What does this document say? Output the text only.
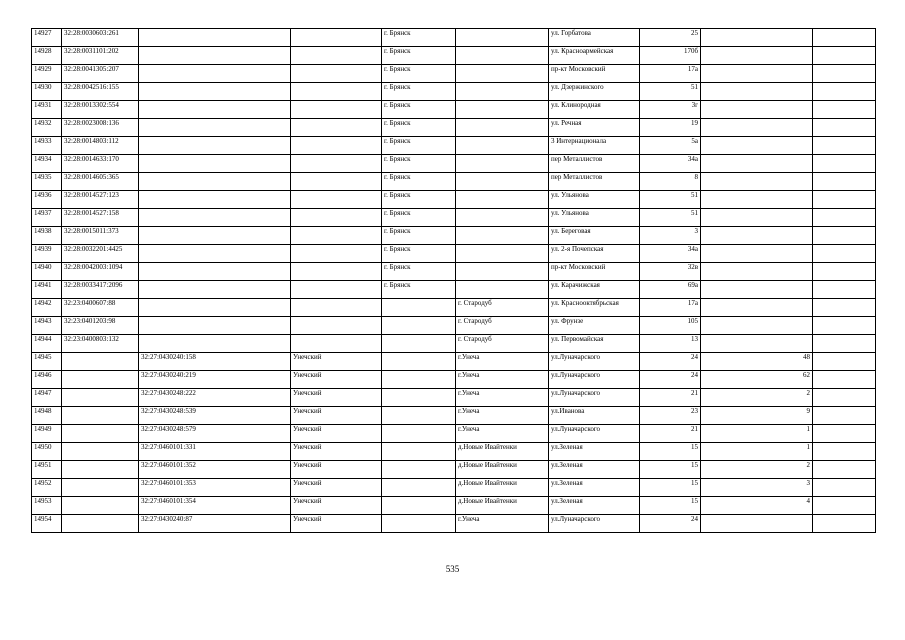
14927	32:28:0030603:261			г. Брянск		ул. Горбатова	25		
14928	32:28:0031101:202			г. Брянск		ул. Красноармейская	170б		
14929	32:28:0041305:207			г. Брянск		пр-кт Московский	17а		
14930	32:28:0042516:155			г. Брянск		ул. Дзержинского	51		
14931	32:28:0013302:554			г. Брянск		ул. Клинородная	3г		
14932	32:28:0023008:136			г. Брянск		ул. Речная	19		
14933	32:28:0014803:112			г. Брянск		3 Интернационала	5а		
14934	32:28:0014633:170			г. Брянск		пер Металлистов	34а		
14935	32:28:0014605:365			г. Брянск		пер Металлистов	8		
14936	32:28:0014527:123			г. Брянск		ул. Ульянова	51		
14937	32:28:0014527:158			г. Брянск		ул. Ульянова	51		
14938	32:28:0015011:373			г. Брянск		ул. Береговая	3		
14939	32:28:0032201:4425			г. Брянск		ул. 2-я Почепская	34а		
14940	32:28:0042003:1094			г. Брянск		пр-кт Московский	32в		
14941	32:28:0033417:2096			г. Брянск		ул. Карачижская	69а		
14942	32:23:0400607:88				г. Стародуб	ул. Краснооктябрьская	17а		
14943	32:23:0401203:98				г. Стародуб	ул. Фрунзе	105		
14944	32:23:0400803:132				г. Стародуб	ул. Первомайская	13		
14945		32:27:0430240:158	Унечский		г.Унеча	ул.Луначарского	24	48	
14946		32:27:0430240:219	Унечский		г.Унеча	ул.Луначарского	24	62	
14947		32:27:0430248:222	Унечский		г.Унеча	ул.Луначарского	21	2	
14948		32:27:0430248:539	Унечский		г.Унеча	ул.Иванова	23	9	
14949		32:27:0430248:579	Унечский		г.Унеча	ул.Луначарского	21	1	
14950		32:27:0460101:331	Унечский		д.Новые Ивайтенки	ул.Зеленая	15	1	
14951		32:27:0460101:352	Унечский		д.Новые Ивайтенки	ул.Зеленая	15	2	
14952		32:27:0460101:353	Унечский		д.Новые Ивайтенки	ул.Зеленая	15	3	
14953		32:27:0460101:354	Унечский		д.Новые Ивайтенки	ул.Зеленая	15	4	
14954		32:27:0430240:87	Унечский		г.Унеча	ул.Луначарского	24		
535
